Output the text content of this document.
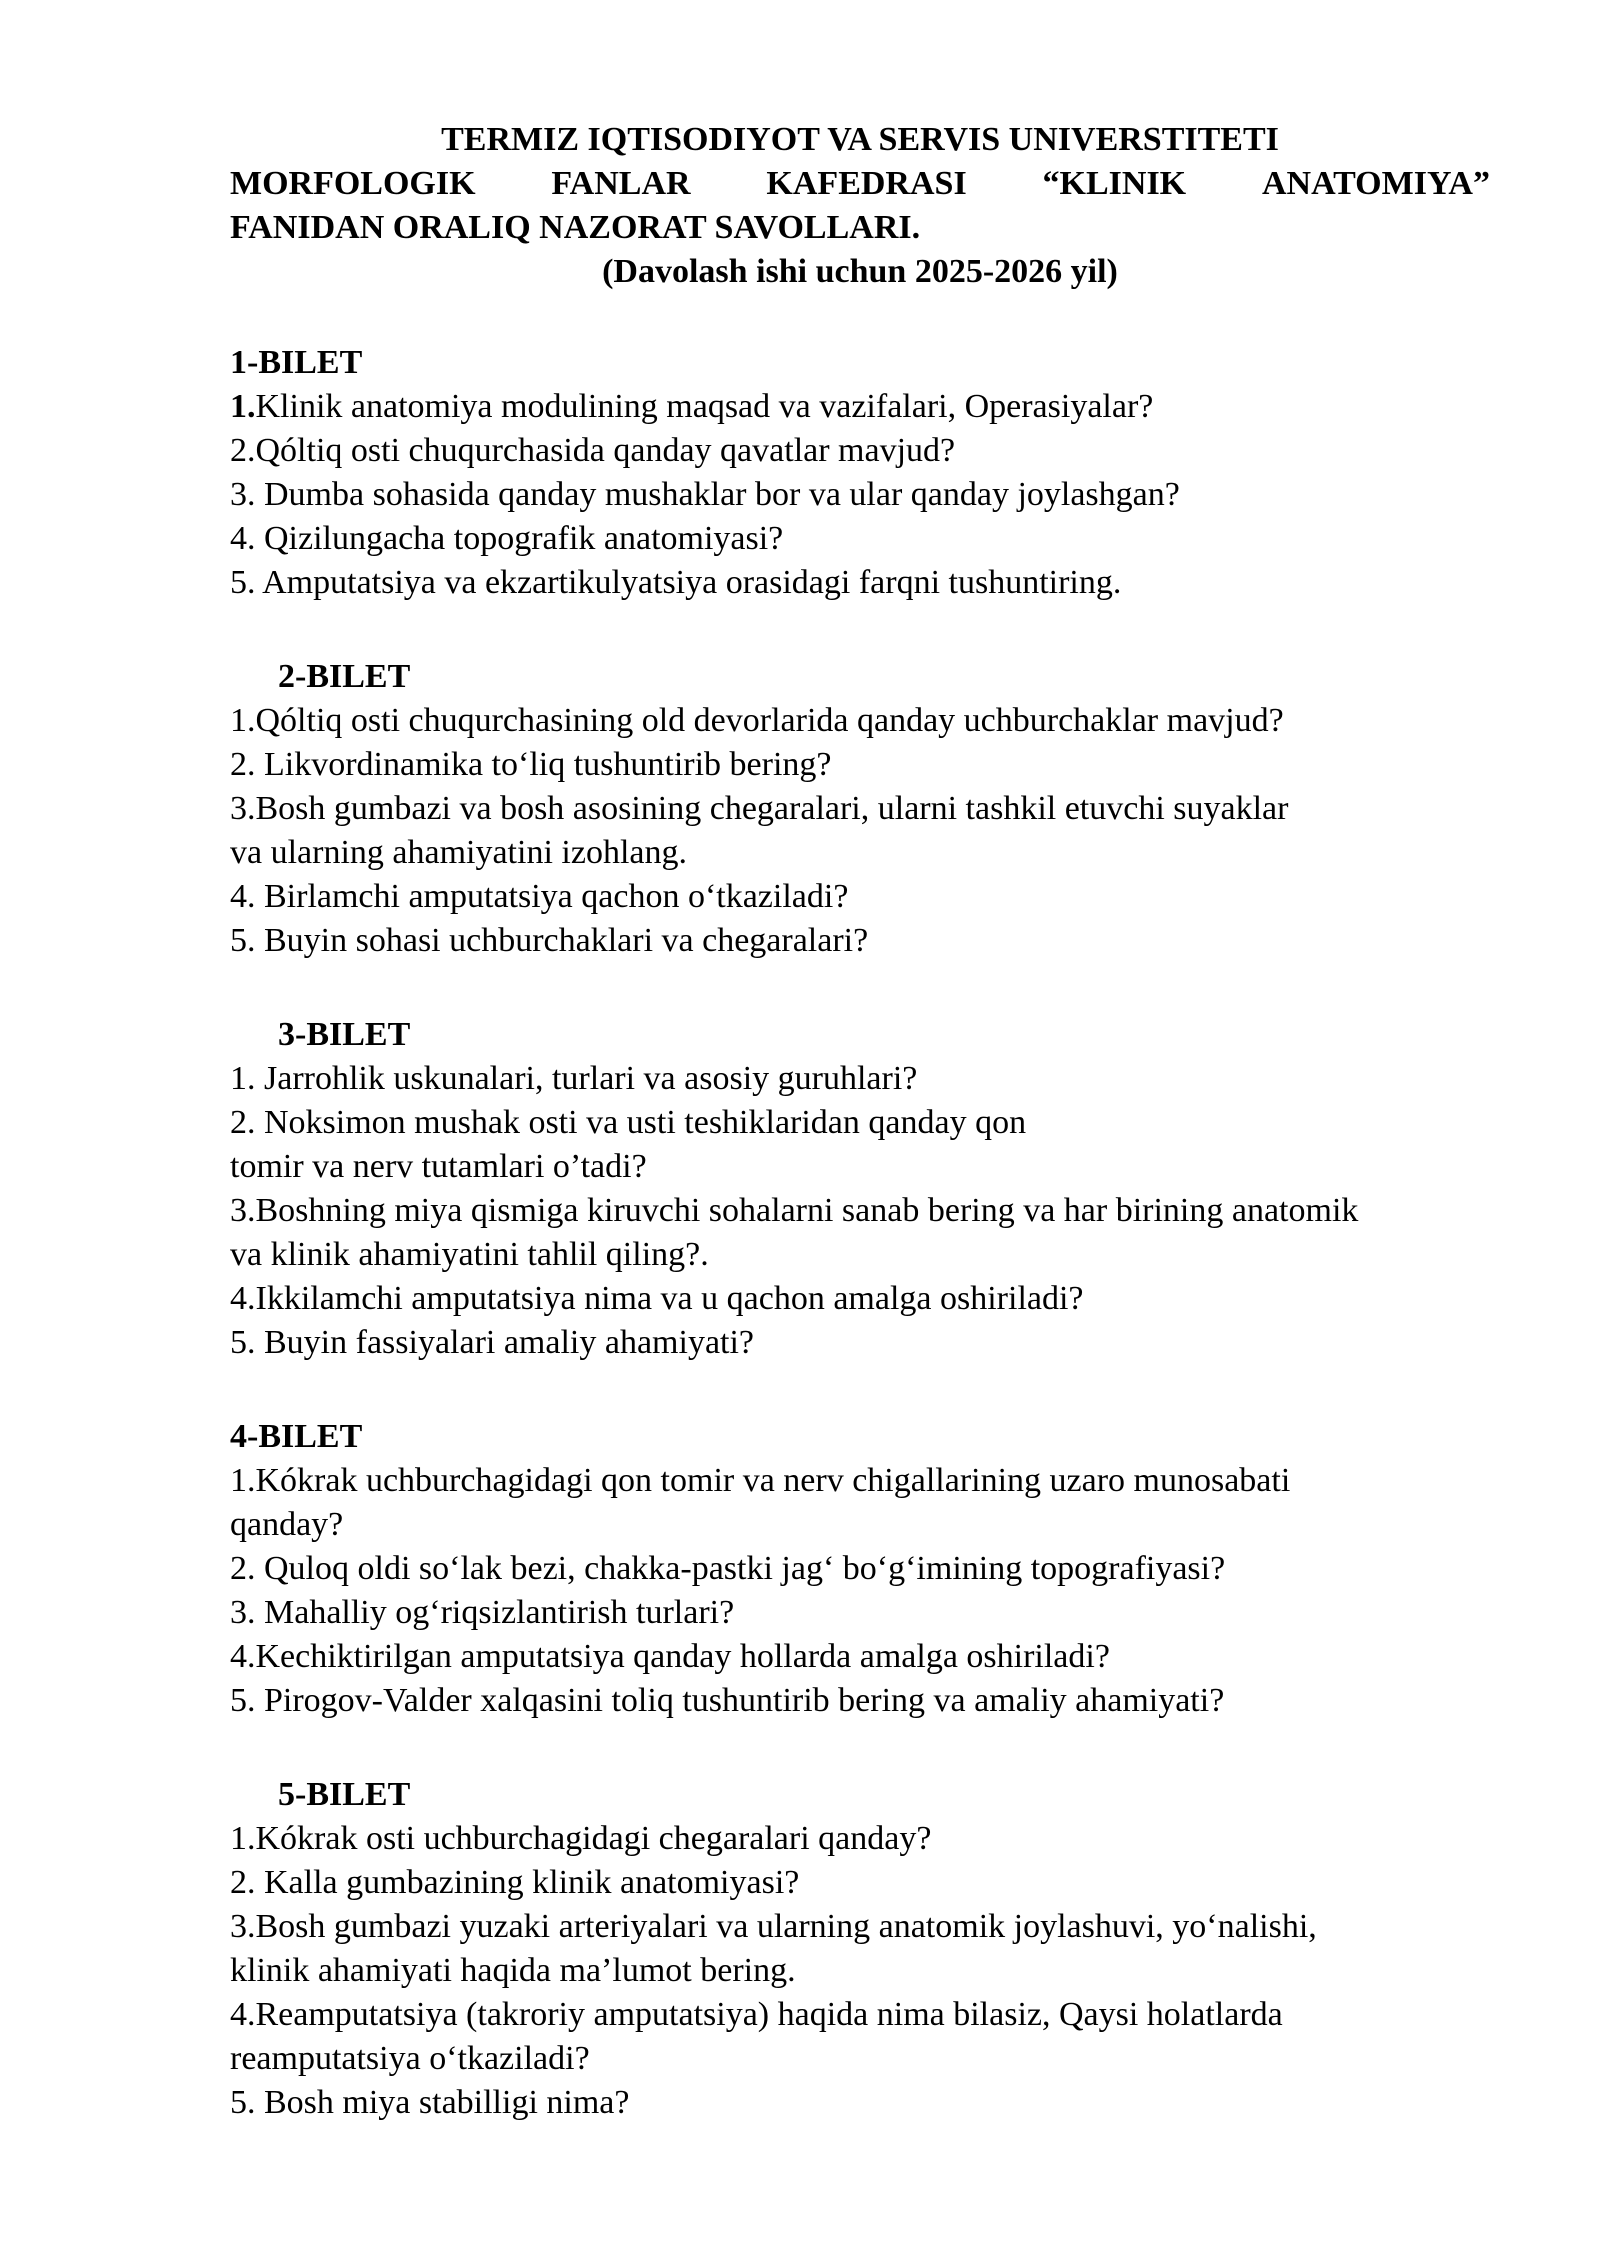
TERMIZ IQTISODIYOT VA SERVIS UNIVERSTITETI
MORFOLOGIK FANLAR KAFEDRASI “KLINIK ANATOMIYA”
FANIDAN ORALIQ NAZORAT SAVOLLARI.
(Davolash ishi uchun 2025-2026 yil)
1-BILET
1.Klinik anatomiya modulining maqsad va vazifalari, Operasiyalar?
2.Qóltiq osti chuqurchasida qanday qavatlar mavjud?
3. Dumba sohasida qanday mushaklar bor va ular qanday joylashgan?
4. Qizilungacha topografik anatomiyasi?
5. Amputatsiya va ekzartikulyatsiya orasidagi farqni tushuntiring.
2-BILET
1.Qóltiq osti chuqurchasining old devorlarida qanday uchburchaklar mavjud?
2. Likvordinamika to‘liq tushuntirib bering?
3.Bosh gumbazi va bosh asosining chegaralari, ularni tashkil etuvchi suyaklar
va ularning ahamiyatini izohlang.
4. Birlamchi amputatsiya qachon o‘tkaziladi?
5. Buyin sohasi uchburchaklari va chegaralari?
3-BILET
1. Jarrohlik uskunalari, turlari va asosiy guruhlari?
2. Noksimon mushak osti va usti teshiklaridan qanday qon
tomir va nerv tutamlari o’tadi?
3.Boshning miya qismiga kiruvchi sohalarni sanab bering va har birining anatomik
va klinik ahamiyatini tahlil qiling?.
4.Ikkilamchi amputatsiya nima va u qachon amalga oshiriladi?
5. Buyin fassiyalari amaliy ahamiyati?
4-BILET
1.Kókrak uchburchagidagi qon tomir va nerv chigallarining uzaro munosabati
qanday?
2. Quloq oldi so‘lak bezi, chakka-pastki jag‘ bo‘g‘imining topografiyasi?
3. Mahalliy og‘riqsizlantirish turlari?
4.Kechiktirilgan amputatsiya qanday hollarda amalga oshiriladi?
5. Pirogov-Valder xalqasini toliq tushuntirib bering va amaliy ahamiyati?
5-BILET
1.Kókrak osti uchburchagidagi chegaralari qanday?
2. Kalla gumbazining klinik anatomiyasi?
3.Bosh gumbazi yuzaki arteriyalari va ularning anatomik joylashuvi, yo‘nalishi,
klinik ahamiyati haqida ma’lumot bering.
4.Reamputatsiya (takroriy amputatsiya) haqida nima bilasiz, Qaysi holatlarda
reamputatsiya o‘tkaziladi?
5. Bosh miya stabilligi nima?
